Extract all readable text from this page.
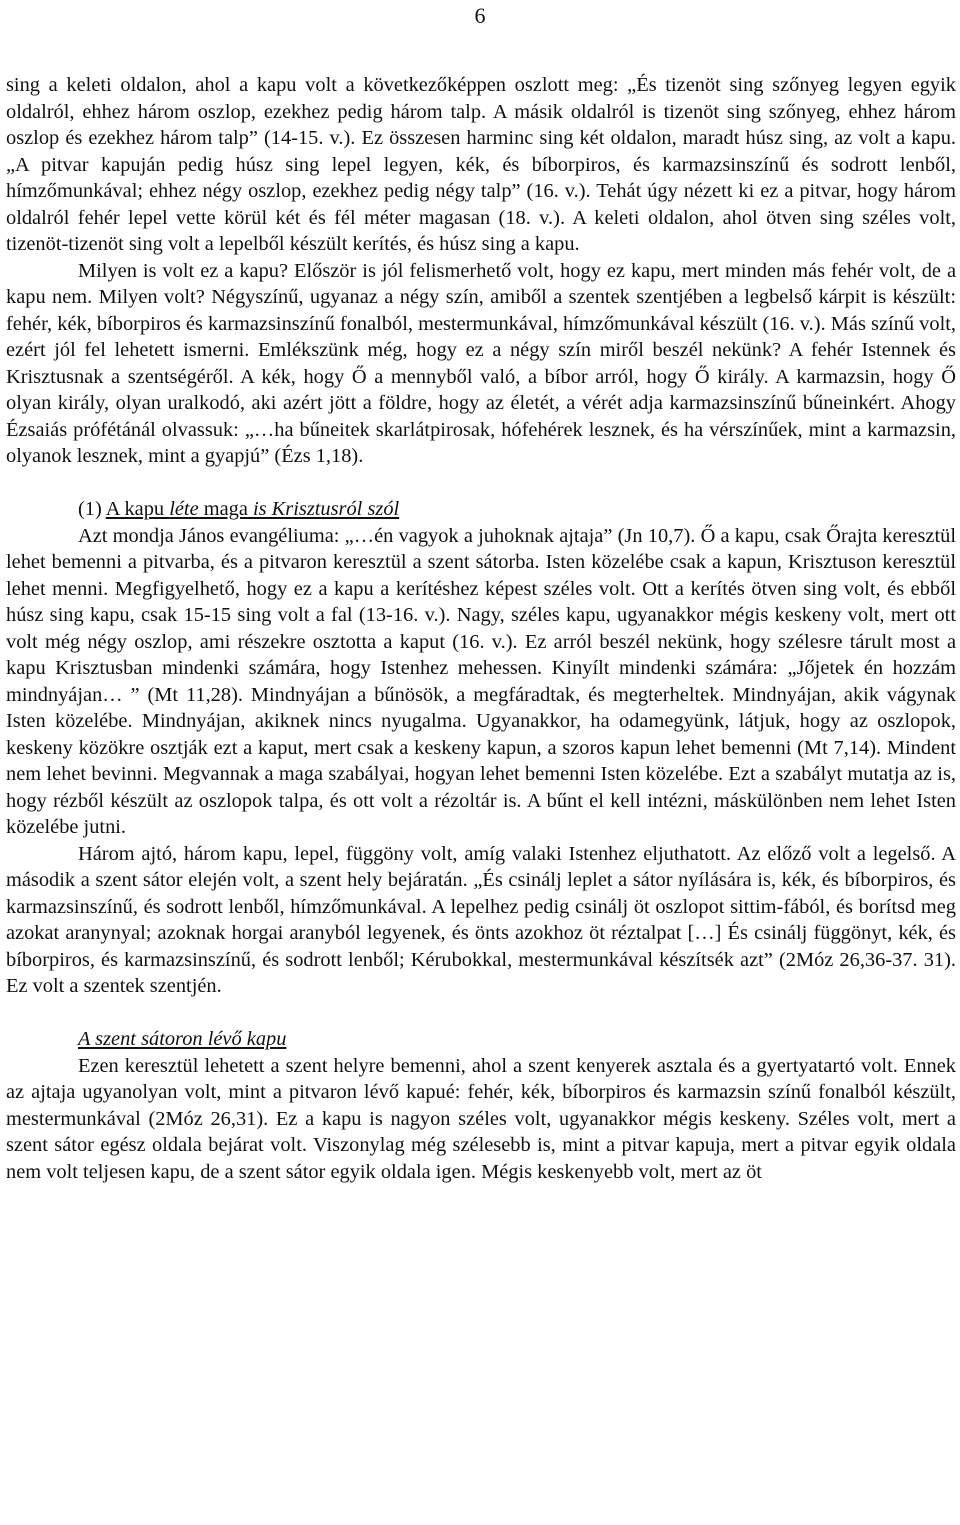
6

sing a keleti oldalon, ahol a kapu volt a következőképpen oszlott meg: „És tizenöt sing szőnyeg legyen egyik oldalról, ehhez három oszlop, ezekhez pedig három talp. A másik oldalról is tizenöt sing szőnyeg, ehhez három oszlop és ezekhez három talp” (14-15. v.). Ez összesen harminc sing két oldalon, maradt húsz sing, az volt a kapu. „A pitvar kapuján pedig húsz sing lepel legyen, kék, és bíborpiros, és karmazsinszínű és sodrott lenből, hímzőmunkával; ehhez négy oszlop, ezekhez pedig négy talp” (16. v.). Tehát úgy nézett ki ez a pitvar, hogy három oldalról fehér lepel vette körül két és fél méter magasan (18. v.). A keleti oldalon, ahol ötven sing széles volt, tizenöt-tizenöt sing volt a lepelből készült kerítés, és húsz sing a kapu.

Milyen is volt ez a kapu? Először is jól felismerhető volt, hogy ez kapu, mert minden más fehér volt, de a kapu nem. Milyen volt? Négyszínű, ugyanaz a négy szín, amiből a szentek szentjében a legbelső kárpit is készült: fehér, kék, bíborpiros és karmazsinszínű fonalból, mestermunkával, hímzőmunkával készült (16. v.). Más színű volt, ezért jól fel lehetett ismerni. Emlékszünk még, hogy ez a négy szín miről beszél nekünk? A fehér Istennek és Krisztusnak a szentségéről. A kék, hogy Ő a mennyből való, a bíbor arról, hogy Ő király. A karmazsin, hogy Ő olyan király, olyan uralkodó, aki azért jött a földre, hogy az életét, a vérét adja karmazsinszínű bűneinkért. Ahogy Ézsaiás prófétánál olvassuk: „…ha bűneitek skarlátpirosak, hófehérek lesznek, és ha vérszínűek, mint a karmazsin, olyanok lesznek, mint a gyapjú” (Ézs 1,18).

(1) A kapu léte maga is Krisztusról szól

Azt mondja János evangéliuma: „…én vagyok a juhoknak ajtaja” (Jn 10,7). Ő a kapu, csak Őrajta keresztül lehet bemenni a pitvarba, és a pitvaron keresztül a szent sátorba. Isten közelébe csak a kapun, Krisztuson keresztül lehet menni. Megfigyelhető, hogy ez a kapu a kerítéshez képest széles volt. Ott a kerítés ötven sing volt, és ebből húsz sing kapu, csak 15-15 sing volt a fal (13-16. v.). Nagy, széles kapu, ugyanakkor mégis keskeny volt, mert ott volt még négy oszlop, ami részekre osztotta a kaput (16. v.). Ez arról beszél nekünk, hogy szélesre tárult most a kapu Krisztusban mindenki számára, hogy Istenhez mehessen. Kinyílt mindenki számára: „Jőjetek én hozzám mindnyájan… ” (Mt 11,28). Mindnyájan a bűnösök, a megfáradtak, és megterheltek. Mindnyájan, akik vágynak Isten közelébe. Mindnyájan, akiknek nincs nyugalma. Ugyanakkor, ha odamegyünk, látjuk, hogy az oszlopok, keskeny közökre osztják ezt a kaput, mert csak a keskeny kapun, a szoros kapun lehet bemenni (Mt 7,14). Mindent nem lehet bevinni. Megvannak a maga szabályai, hogyan lehet bemenni Isten közelébe. Ezt a szabályt mutatja az is, hogy rézből készült az oszlopok talpa, és ott volt a rézoltár is. A bűnt el kell intézni, máskülönben nem lehet Isten közelébe jutni.

Három ajtó, három kapu, lepel, függöny volt, amíg valaki Istenhez eljuthatott. Az előző volt a legelső. A második a szent sátor elején volt, a szent hely bejáratán. „És csinálj leplet a sátor nyílására is, kék, és bíborpiros, és karmazsinszínű, és sodrott lenből, hímzőmunkával. A lepelhez pedig csinálj öt oszlopot sittim-fából, és borítsd meg azokat aranynyal; azoknak horgai aranyból legyenek, és önts azokhoz öt réztalpat […] És csinálj függönyt, kék, és bíborpiros, és karmazsinszínű, és sodrott lenből; Kérubokkal, mestermunkával készítsék azt” (2Móz 26,36-37. 31). Ez volt a szentek szentjén.

A szent sátoron lévő kapu

Ezen keresztül lehetett a szent helyre bemenni, ahol a szent kenyerek asztala és a gyertyatartó volt. Ennek az ajtaja ugyanolyan volt, mint a pitvaron lévő kapué: fehér, kék, bíborpiros és karmazsin színű fonalból készült, mestermunkával (2Móz 26,31). Ez a kapu is nagyon széles volt, ugyanakkor mégis keskeny. Széles volt, mert a szent sátor egész oldala bejárat volt. Viszonylag még szélesebb is, mint a pitvar kapuja, mert a pitvar egyik oldala nem volt teljesen kapu, de a szent sátor egyik oldala igen. Mégis keskenyebb volt, mert az öt
